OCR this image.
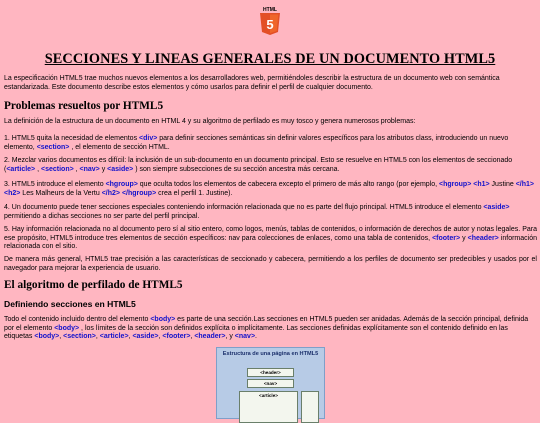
HTML
5
SECCIONES Y LINEAS GENERALES DE UN DOCUMENTO HTML5

La especificación HTML5 trae muchos nuevos elementos a los desarrolladores web, permitiéndoles describir la estructura de un documento web con semántica estandarizada. Este documento describe estos elementos y cómo usarlos para definir el perfil de cualquier documento.

Problemas resueltos por HTML5

La definición de la estructura de un documento en HTML 4 y su algoritmo de perfilado es muy tosco y genera numerosos problemas:

1. HTML5 quita la necesidad de elementos <div> para definir secciones semánticas sin definir valores específicos para los atributos class, introduciendo un nuevo elemento, <section> , el elemento de sección HTML.

2. Mezclar varios documentos es difícil: la inclusión de un sub-documento en un documento principal. Esto se resuelve en HTML5 con los elementos de seccionado (<article> , <section> , <nav> y <aside> ) son siempre subsecciones de su sección ancestra más cercana.

3. HTML5 introduce el elemento <hgroup> que oculta todos los elementos de cabecera excepto el primero de más alto rango (por ejemplo, <hgroup> <h1> Justine </h1> <h2> Les Malheurs de la Vertu </h2> </hgroup> crea el perfil 1. Justine).

4. Un documento puede tener secciones especiales conteniendo información relacionada que no es parte del flujo principal. HTML5 introduce el elemento <aside> permitiendo a dichas secciones no ser parte del perfil principal.

5. Hay información relacionada no al documento pero sí al sitio entero, como logos, menús, tablas de contenidos, o información de derechos de autor y notas legales. Para ese propósito, HTML5 introduce tres elementos de sección específicos: nav para colecciones de enlaces, como una tabla de contenidos, <footer> y <header> información relacionada con el sitio.

De manera más general, HTML5 trae precisión a las características de seccionado y cabecera, permitiendo a los perfiles de documento ser predecibles y usados por el navegador para mejorar la experiencia de usuario.

El algoritmo de perfilado de HTML5
Definiendo secciones en HTML5

Todo el contenido incluido dentro del elemento <body> es parte de una sección.Las secciones en HTML5 pueden ser anidadas. Además de la sección principal, definida por el elemento <body> , los límites de la sección son definidos explícita o implícitamente. Las secciones definidas explícitamente son el contenido definido en las etiquetas <body>, <section>, <article>, <aside>, <footer>, <header>, y <nav>.

Estructura de una página en HTML5
<header>
<nav>
<article>
